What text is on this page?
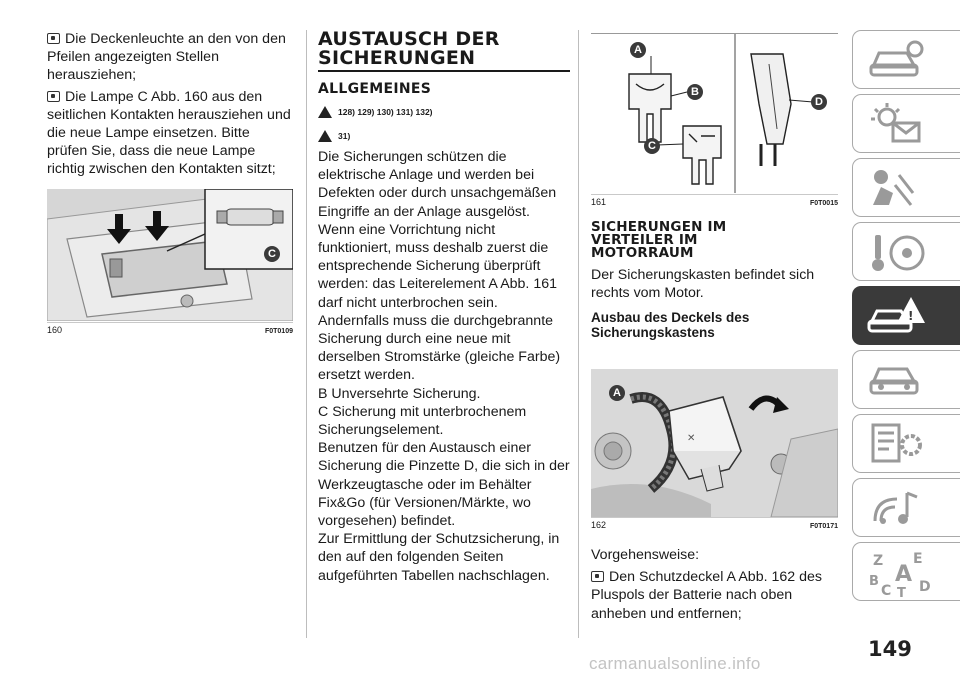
Die Deckenleuchte an den von den Pfeilen angezeigten Stellen herausziehen;

Die Lampe C Abb. 160 aus den seitlichen Kontakten herausziehen und die neue Lampe einsetzen. Bitte prüfen Sie, dass die neue Lampe richtig zwischen den Kontakten sitzt;

C
160	F0T0109
AUSTAUSCH DER
SICHERUNGEN
ALLGEMEINES
128) 129) 130) 131) 132)
31)

Die Sicherungen schützen die elektrische Anlage und werden bei Defekten oder durch unsachgemäßen Eingriffe an der Anlage ausgelöst.

Wenn eine Vorrichtung nicht funktioniert, muss deshalb zuerst die entsprechende Sicherung überprüft werden: das Leiterelement A Abb. 161 darf nicht unterbrochen sein.

Andernfalls muss die durchgebrannte Sicherung durch eine neue mit derselben Stromstärke (gleiche Farbe) ersetzt werden.

B Unversehrte Sicherung.

C Sicherung mit unterbrochenem Sicherungselement.

Benutzen für den Austausch einer Sicherung die Pinzette D, die sich in der Werkzeugtasche oder im Behälter Fix&Go (für Versionen/Märkte, wo vorgesehen) befindet.

Zur Ermittlung der Schutzsicherung, in den auf den folgenden Seiten aufgeführten Tabellen nachschlagen.

A
B
C
D
161	F0T0015
SICHERUNGEN IM
VERTEILER IM
MOTORRAUM

Der Sicherungskasten befindet sich rechts vom Motor.

Ausbau des Deckels des
Sicherungskastens
✕
A
162	F0T0171

Vorgehensweise:

Den Schutzdeckel A Abb. 162 des Pluspols der Batterie nach oben anheben und entfernen;

!
Z E
B A
C T D
149
carmanualsonline.info
